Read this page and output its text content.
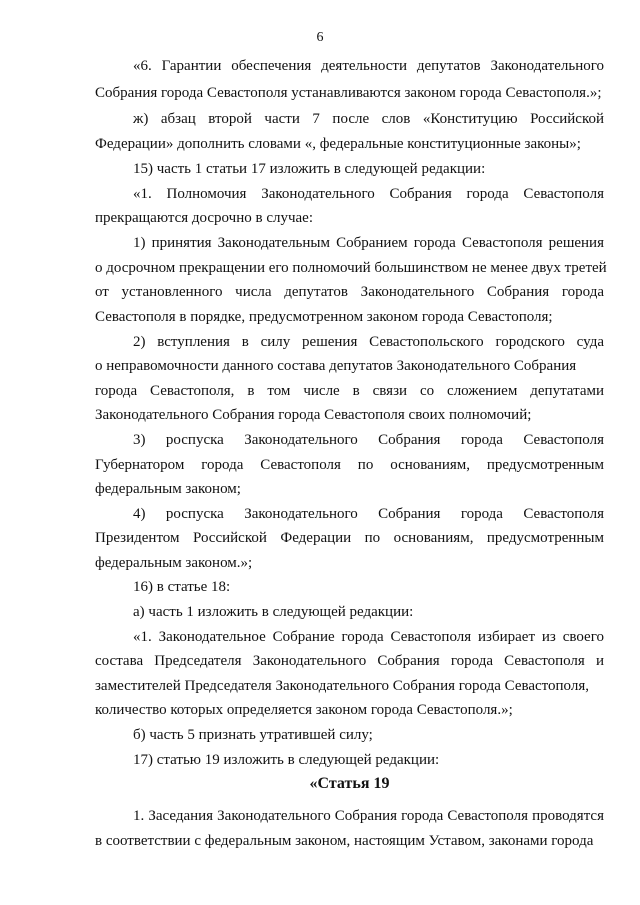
6
«6. Гарантии обеспечения деятельности депутатов Законодательного
Собрания города Севастополя устанавливаются законом города Севастополя.»;
ж) абзац второй части 7 после слов «Конституцию Российской
Федерации» дополнить словами «, федеральные конституционные законы»;
15) часть 1 статьи 17 изложить в следующей редакции:
«1. Полномочия Законодательного Собрания города Севастополя
прекращаются досрочно в случае:
1) принятия Законодательным Собранием города Севастополя решения
о досрочном прекращении его полномочий большинством не менее двух третей
от установленного числа депутатов Законодательного Собрания города
Севастополя в порядке, предусмотренном законом города Севастополя;
2) вступления в силу решения Севастопольского городского суда
о неправомочности данного состава депутатов Законодательного Собрания
города Севастополя, в том числе в связи со сложением депутатами
Законодательного Собрания города Севастополя своих полномочий;
3) роспуска Законодательного Собрания города Севастополя
Губернатором города Севастополя по основаниям, предусмотренным
федеральным законом;
4) роспуска Законодательного Собрания города Севастополя
Президентом Российской Федерации по основаниям, предусмотренным
федеральным законом.»;
16) в статье 18:
а) часть 1 изложить в следующей редакции:
«1. Законодательное Собрание города Севастополя избирает из своего
состава Председателя Законодательного Собрания города Севастополя и
заместителей Председателя Законодательного Собрания города Севастополя,
количество которых определяется законом города Севастополя.»;
б) часть 5 признать утратившей силу;
17) статью 19 изложить в следующей редакции:
«Статья 19
1. Заседания Законодательного Собрания города Севастополя проводятся
в соответствии с федеральным законом, настоящим Уставом, законами города
